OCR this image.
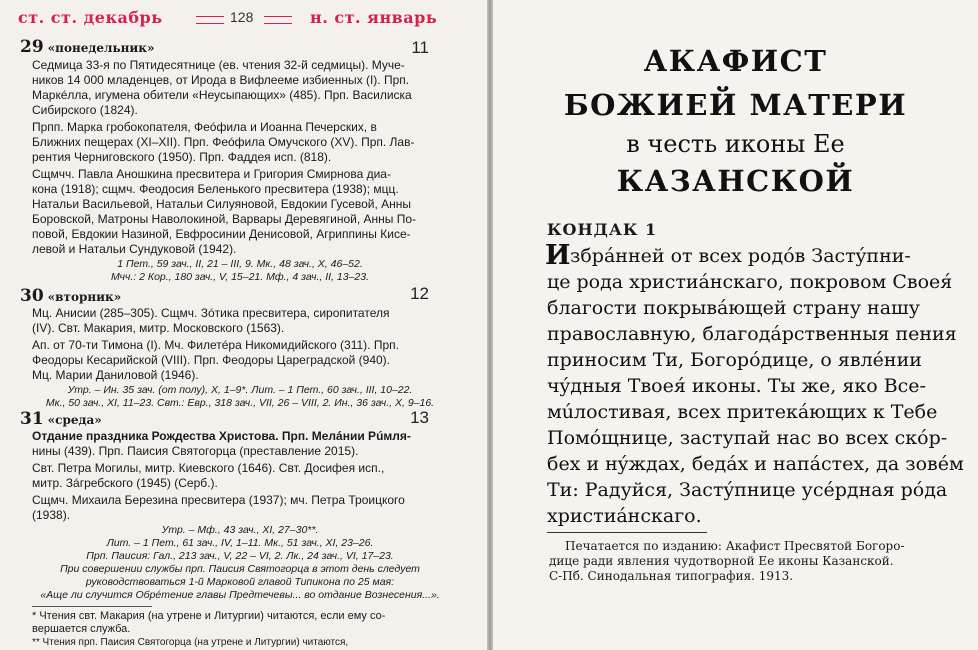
ст. ст. декабрь	128	н. ст. январь
29 «понедельник»	11
Седмица 33-я по Пятидесятнице (ев. чтения 32-й седмицы). Муче-
ников 14 000 младенцев, от Ирода в Вифлееме избиенных (I). Прп.
Маркéлла, игумена обители «Неусыпающих» (485). Прп. Василиска
Сибирского (1824).
Прпп. Марка гробокопателя, Феóфила и Иоанна Печерских, в
Ближних пещерах (XI–XII). Прп. Феóфила Омучского (XV). Прп. Лав-
рентия Черниговского (1950). Прп. Фаддея исп. (818).
Сщмчч. Павла Аношкина пресвитера и Григория Смирнова диа-
кона (1918); сщмч. Феодосия Беленького пресвитера (1938); мцц.
Натальи Васильевой, Натальи Силуяновой, Евдокии Гусевой, Анны
Боровской, Матроны Наволокиной, Варвары Деревягиной, Анны По-
повой, Евдокии Назиной, Евфросинии Денисовой, Агриппины Кисе-
левой и Натальи Сундуковой (1942).
1 Пет., 59 зач., II, 21 – III, 9. Мк., 48 зач., X, 46–52.
Мчч.: 2 Кор., 180 зач., V, 15–21. Мф., 4 зач., II, 13–23.
30 «вторник»	12
Мц. Анисии (285–305). Сщмч. Зóтика пресвитера, сиропитателя
(IV). Свт. Макария, митр. Московского (1563).
Ап. от 70-ти Тимона (I). Мч. Филетéра Никомидийского (311). Прп.
Феодоры Кесарийской (VIII). Прп. Феодоры Цареградской (940).
Мц. Марии Даниловой (1946).
Утр. – Ин. 35 зач. (от полу), X, 1–9*. Лит. – 1 Пет., 60 зач., III, 10–22.
Мк., 50 зач., XI, 11–23. Свт.: Евр., 318 зач., VII, 26 – VIII, 2. Ин., 36 зач., X, 9–16.
31 «среда»	13
Отдание праздника Рождества Христова. Прп. Мелáнии Рúмля-
нины (439). Прп. Паисия Святогорца (преставление 2015).
Свт. Петра Могилы, митр. Киевского (1646). Свт. Досифея исп.,
митр. Зáгребского (1945) (Серб.).
Сщмч. Михаила Березина пресвитера (1937); мч. Петра Троицкого
(1938).
Утр. – Мф., 43 зач., XI, 27–30**.
Лит. – 1 Пет., 61 зач., IV, 1–11. Мк., 51 зач., XI, 23–26.
Прп. Паисия: Гал., 213 зач., V, 22 – VI, 2. Лк., 24 зач., VI, 17–23.
При совершении службы прп. Паисия Святогорца в этот день следует
руководствоваться 1-й Марковой главой Типикона по 25 мая:
«Аще ли случится Обрéтение главы Предтечевы... во отдание Вознесения...».
* Чтения свт. Макария (на утрене и Литургии) читаются, если ему со-
вершается служба.
** Чтения прп. Паисия Святогорца (на утрене и Литургии) читаются,
АКАФИСТ
БОЖИЕЙ МАТЕРИ
в честь иконы Ее
КАЗАНСКОЙ
КОНДАК 1
И збрáнней от всех родóв Застýпни-
це рода христиáнскаго, покровом Своея́
благости покрывáющей страну нашу
православную, благодáрственныя пения
приносим Ти, Богорóдице, о явлéнии
чýдныя Твоея́ иконы. Ты же, яко Все-
мúлостивая, всех притекáющих к Тебе
Помóщнице, заступай нас во всех скóр-
бех и нýждах, бедáх и напáстех, да зовéм
Ти: Радуйся, Застýпнице усéрдная рóда
христиáнскаго.
Печатается по изданию: Акафист Пресвятой Богоро-
дице ради явления чудотворной Ее иконы Казанской.
С-Пб. Синодальная типография. 1913.
